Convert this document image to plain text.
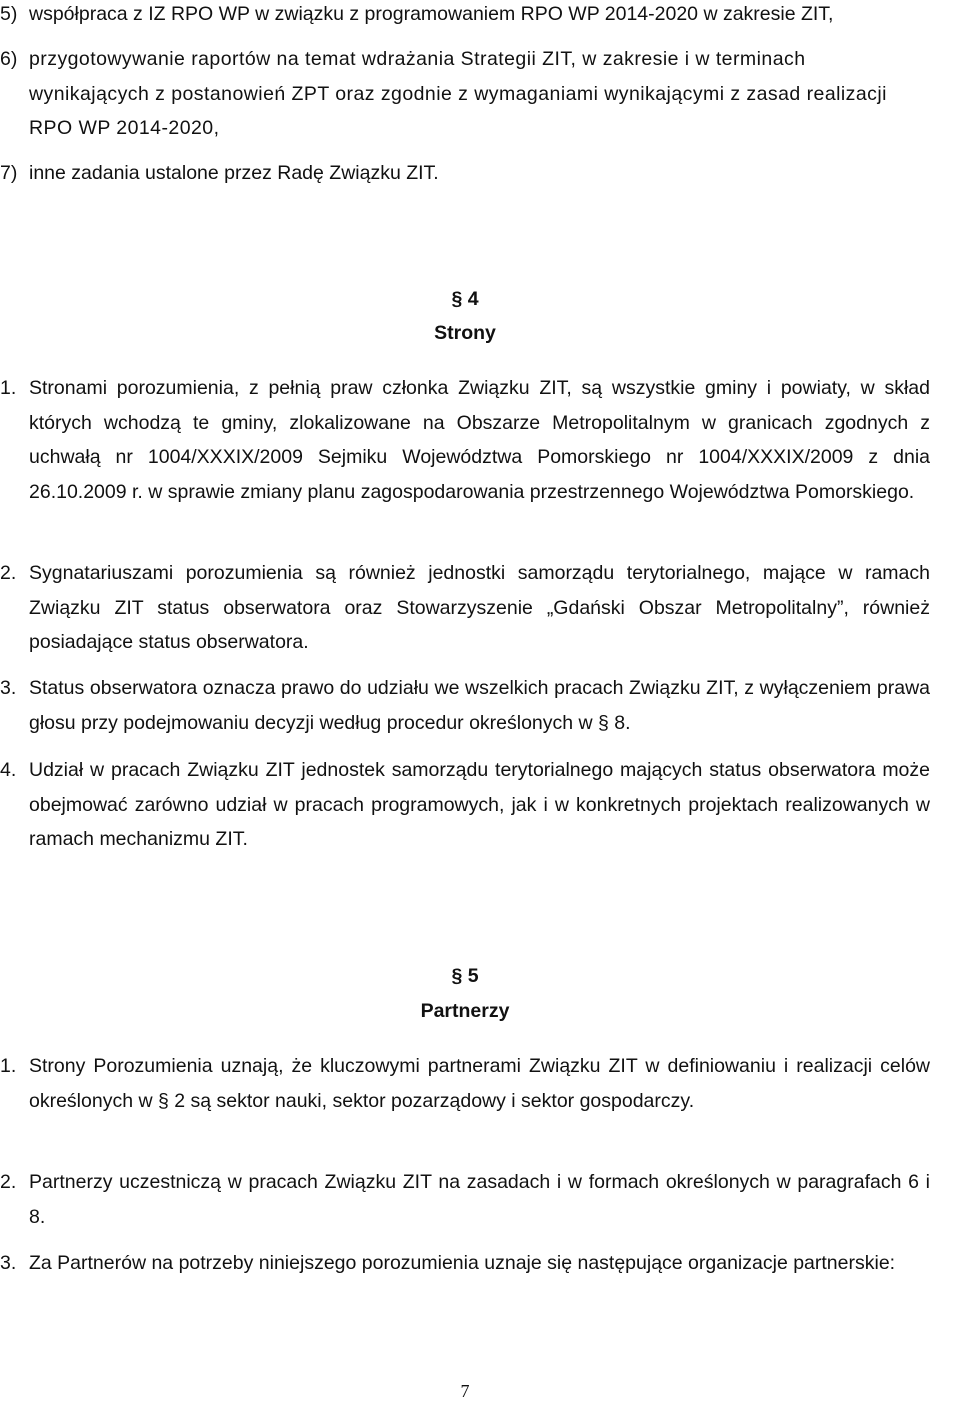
5) współpraca z IZ RPO WP w związku z programowaniem RPO WP 2014-2020 w zakresie ZIT,
6) przygotowywanie raportów na temat wdrażania Strategii ZIT, w zakresie i w terminach wynikających z postanowień ZPT oraz zgodnie z wymaganiami wynikającymi z zasad realizacji RPO WP 2014-2020,
7) inne zadania ustalone przez Radę Związku ZIT.
§ 4
Strony
1. Stronami porozumienia, z pełnią praw członka Związku ZIT, są wszystkie gminy i powiaty, w skład których wchodzą te gminy, zlokalizowane na Obszarze Metropolitalnym w granicach zgodnych z uchwałą nr 1004/XXXIX/2009 Sejmiku Województwa Pomorskiego nr 1004/XXXIX/2009 z dnia 26.10.2009 r. w sprawie zmiany planu zagospodarowania przestrzennego Województwa Pomorskiego.
2. Sygnatariuszami porozumienia są również jednostki samorządu terytorialnego, mające w ramach Związku ZIT status obserwatora oraz Stowarzyszenie „Gdański Obszar Metropolitalny”, również posiadające status obserwatora.
3. Status obserwatora oznacza prawo do udziału we wszelkich pracach Związku ZIT, z wyłączeniem prawa głosu przy podejmowaniu decyzji według procedur określonych w § 8.
4. Udział w pracach Związku ZIT jednostek samorządu terytorialnego mających status obserwatora może obejmować zarówno udział w pracach programowych, jak i w konkretnych projektach realizowanych w ramach mechanizmu ZIT.
§ 5
Partnerzy
1. Strony Porozumienia uznają, że kluczowymi partnerami Związku ZIT w definiowaniu i realizacji celów określonych w § 2 są sektor nauki, sektor pozarządowy i sektor gospodarczy.
2. Partnerzy uczestniczą w pracach Związku ZIT na zasadach i w formach określonych w paragrafach 6 i 8.
3. Za Partnerów na potrzeby niniejszego porozumienia uznaje się następujące organizacje partnerskie:
7
